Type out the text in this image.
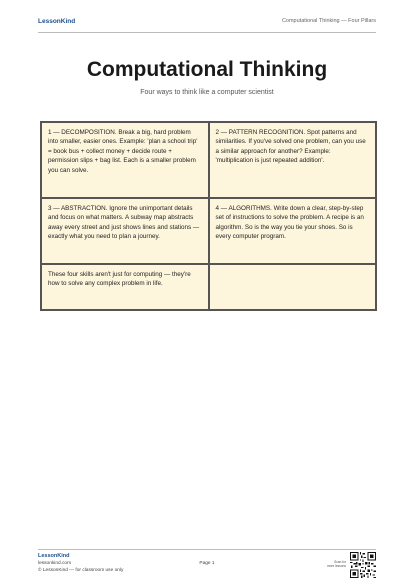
LessonKind	Computational Thinking — Four Pillars
Computational Thinking
Four ways to think like a computer scientist
1 — DECOMPOSITION. Break a big, hard problem into smaller, easier ones. Example: 'plan a school trip' = book bus + collect money + decide route + permission slips + bag list. Each is a smaller problem you can solve.
2 — PATTERN RECOGNITION. Spot patterns and similarities. If you've solved one problem, can you use a similar approach for another? Example: 'multiplication is just repeated addition'.
3 — ABSTRACTION. Ignore the unimportant details and focus on what matters. A subway map abstracts away every street and just shows lines and stations — exactly what you need to plan a journey.
4 — ALGORITHMS. Write down a clear, step-by-step set of instructions to solve the problem. A recipe is an algorithm. So is the way you tie your shoes. So is every computer program.
These four skills aren't just for computing — they're how to solve any complex problem in life.
LessonKind
lessonkind.com
© LessonKind — for classroom use only
Page 1	Scan for
more lessons
